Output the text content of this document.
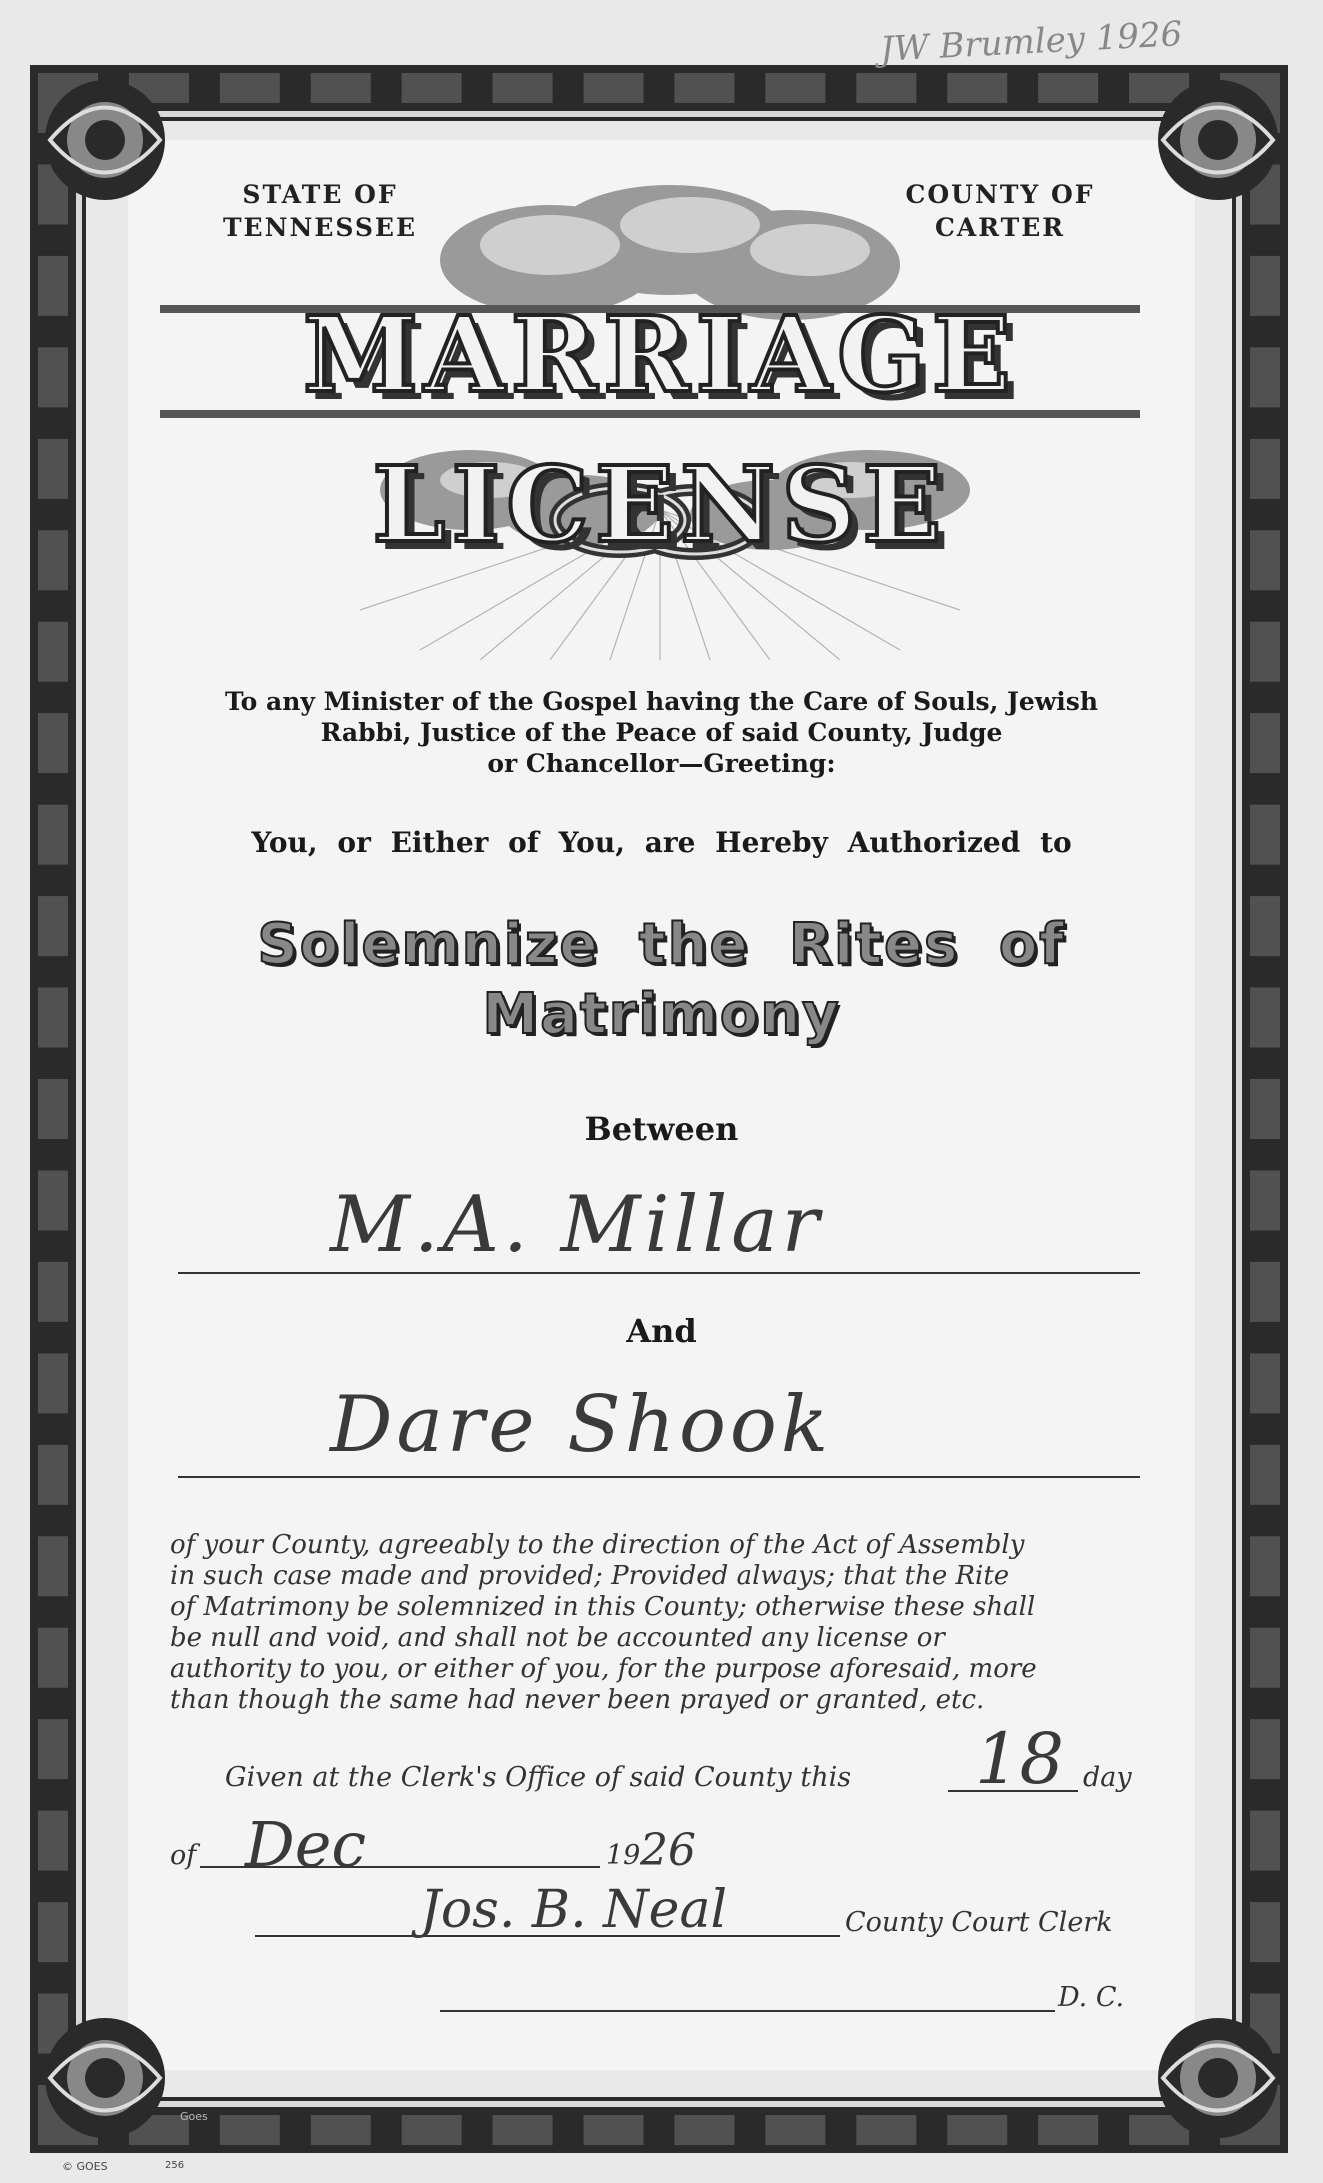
JW Brumley 1926
STATE OF
TENNESSEE
COUNTY OF
CARTER
MARRIAGE LICENSE
To any Minister of the Gospel having the Care of Souls, Jewish
Rabbi, Justice of the Peace of said County, Judge
or Chancellor—Greeting:
You, or Either of You, are Hereby Authorized to
Solemnize the Rites of
Matrimony
Between
M.A. Millar
And
Dare Shook
of your County, agreeably to the direction of the Act of Assembly
in such case made and provided; Provided always; that the Rite
of Matrimony be solemnized in this County; otherwise these shall
be null and void, and shall not be accounted any license or
authority to you, or either of you, for the purpose aforesaid, more
than though the same had never been prayed or granted, etc.
Given at the Clerk's Office of said County this 18 day
of Dec	19 26
Jos. B. Neal	County Court Clerk
D. C.
© GOES	256
Goes
